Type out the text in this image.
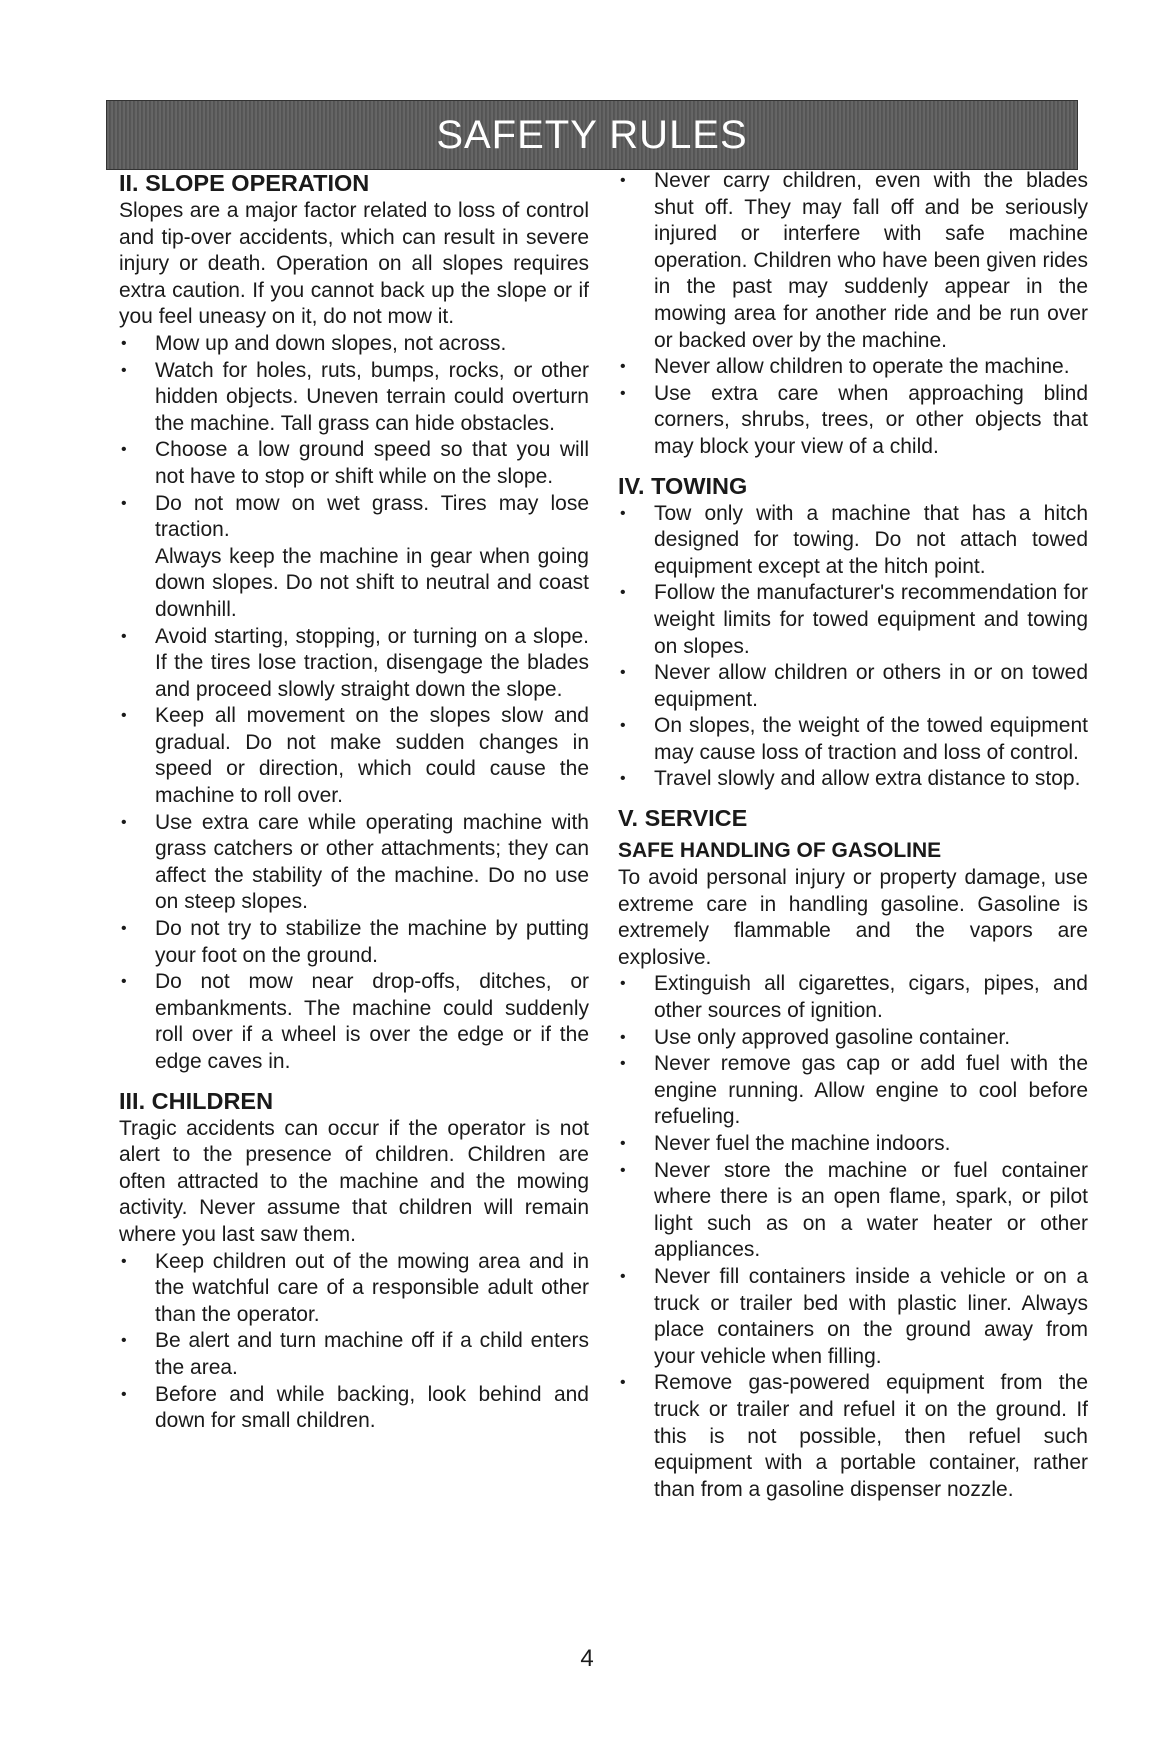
SAFETY RULES
II. SLOPE OPERATION

Slopes are a major factor related to loss of control and tip-over accidents, which can result in severe injury or death. Operation on all slopes requires extra caution. If you cannot back up the slope or if you feel uneasy on it, do not mow it.

• Mow up and down slopes, not across.
• Watch for holes, ruts, bumps, rocks, or other hidden objects. Uneven terrain could overturn the machine. Tall grass can hide obstacles.
• Choose a low ground speed so that you will not have to stop or shift while on the slope.
• Do not mow on wet grass. Tires may lose traction.
Always keep the machine in gear when going down slopes. Do not shift to neutral and coast downhill.
• Avoid starting, stopping, or turning on a slope. If the tires lose traction, disengage the blades and proceed slowly straight down the slope.
• Keep all movement on the slopes slow and gradual. Do not make sudden changes in speed or direction, which could cause the machine to roll over.
• Use extra care while operating machine with grass catchers or other attachments; they can affect the stability of the machine. Do no use on steep slopes.
• Do not try to stabilize the machine by putting your foot on the ground.
• Do not mow near drop-offs, ditches, or embankments. The machine could suddenly roll over if a wheel is over the edge or if the edge caves in.
III. CHILDREN

Tragic accidents can occur if the operator is not alert to the presence of children. Children are often attracted to the machine and the mowing activity. Never assume that children will remain where you last saw them.

• Keep children out of the mowing area and in the watchful care of a responsible adult other than the operator.
• Be alert and turn machine off if a child enters the area.
• Before and while backing, look behind and down for small children.
• Never carry children, even with the blades shut off. They may fall off and be seriously injured or interfere with safe machine operation. Children who have been given rides in the past may suddenly appear in the mowing area for another ride and be run over or backed over by the machine.
• Never allow children to operate the machine.
• Use extra care when approaching blind corners, shrubs, trees, or other objects that may block your view of a child.
IV. TOWING
• Tow only with a machine that has a hitch designed for towing. Do not attach towed equipment except at the hitch point.
• Follow the manufacturer's recommendation for weight limits for towed equipment and towing on slopes.
• Never allow children or others in or on towed equipment.
• On slopes, the weight of the towed equipment may cause loss of traction and loss of control.
• Travel slowly and allow extra distance to stop.
V. SERVICE
SAFE HANDLING OF GASOLINE

To avoid personal injury or property damage, use extreme care in handling gasoline. Gasoline is extremely flammable and the vapors are explosive.

• Extinguish all cigarettes, cigars, pipes, and other sources of ignition.
• Use only approved gasoline container.
• Never remove gas cap or add fuel with the engine running. Allow engine to cool before refueling.
• Never fuel the machine indoors.
• Never store the machine or fuel container where there is an open flame, spark, or pilot light such as on a water heater or other appliances.
• Never fill containers inside a vehicle or on a truck or trailer bed with plastic liner. Always place containers on the ground away from your vehicle when filling.
• Remove gas-powered equipment from the truck or trailer and refuel it on the ground. If this is not possible, then refuel such equipment with a portable container, rather than from a gasoline dispenser nozzle.
4
